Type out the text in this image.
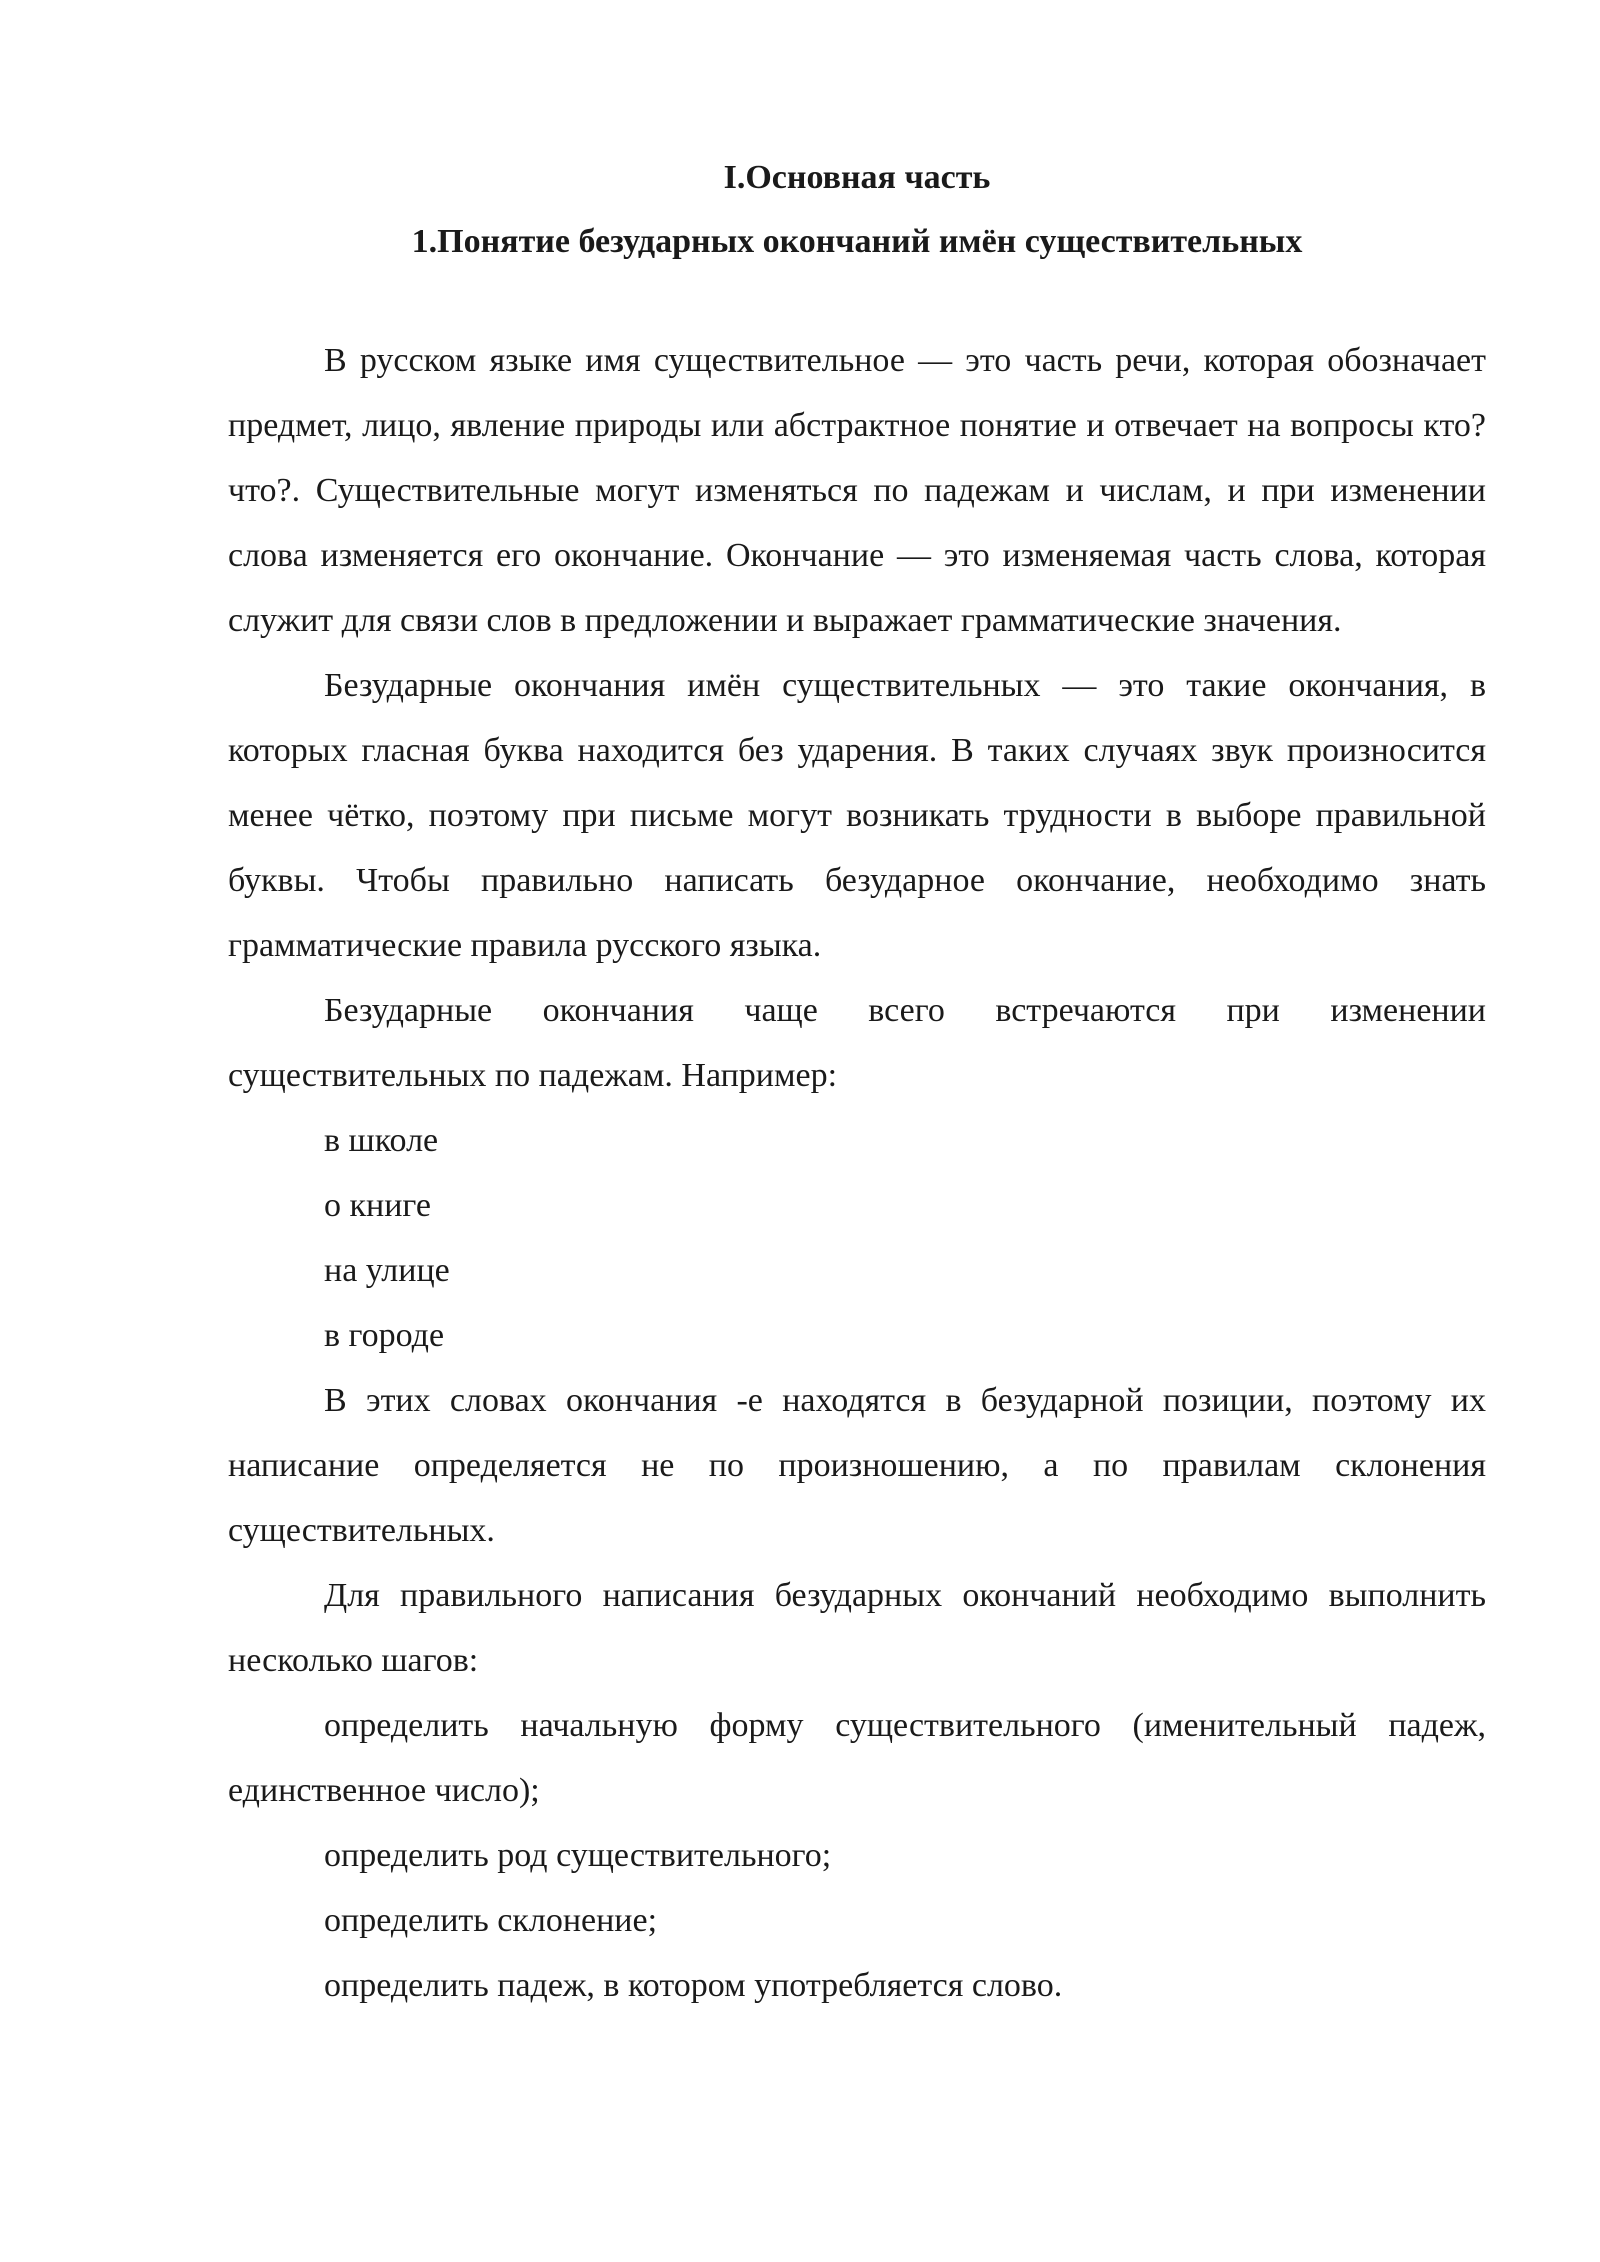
I.Основная часть

1.Понятие безударных окончаний имён существительных

В русском языке имя существительное — это часть речи, которая обозначает предмет, лицо, явление природы или абстрактное понятие и отвечает на вопросы кто? что?. Существительные могут изменяться по падежам и числам, и при изменении слова изменяется его окончание. Окончание — это изменяемая часть слова, которая служит для связи слов в предложении и выражает грамматические значения.

Безударные окончания имён существительных — это такие окончания, в которых гласная буква находится без ударения. В таких случаях звук произносится менее чётко, поэтому при письме могут возникать трудности в выборе правильной буквы. Чтобы правильно написать безударное окончание, необходимо знать грамматические правила русского языка.

Безударные окончания чаще всего встречаются при изменении существительных по падежам. Например:

в школе

о книге

на улице

в городе

В этих словах окончания -е находятся в безударной позиции, поэтому их написание определяется не по произношению, а по правилам склонения существительных.

Для правильного написания безударных окончаний необходимо выполнить несколько шагов:

определить начальную форму существительного (именительный падеж, единственное число);

определить род существительного;

определить склонение;

определить падеж, в котором употребляется слово.
